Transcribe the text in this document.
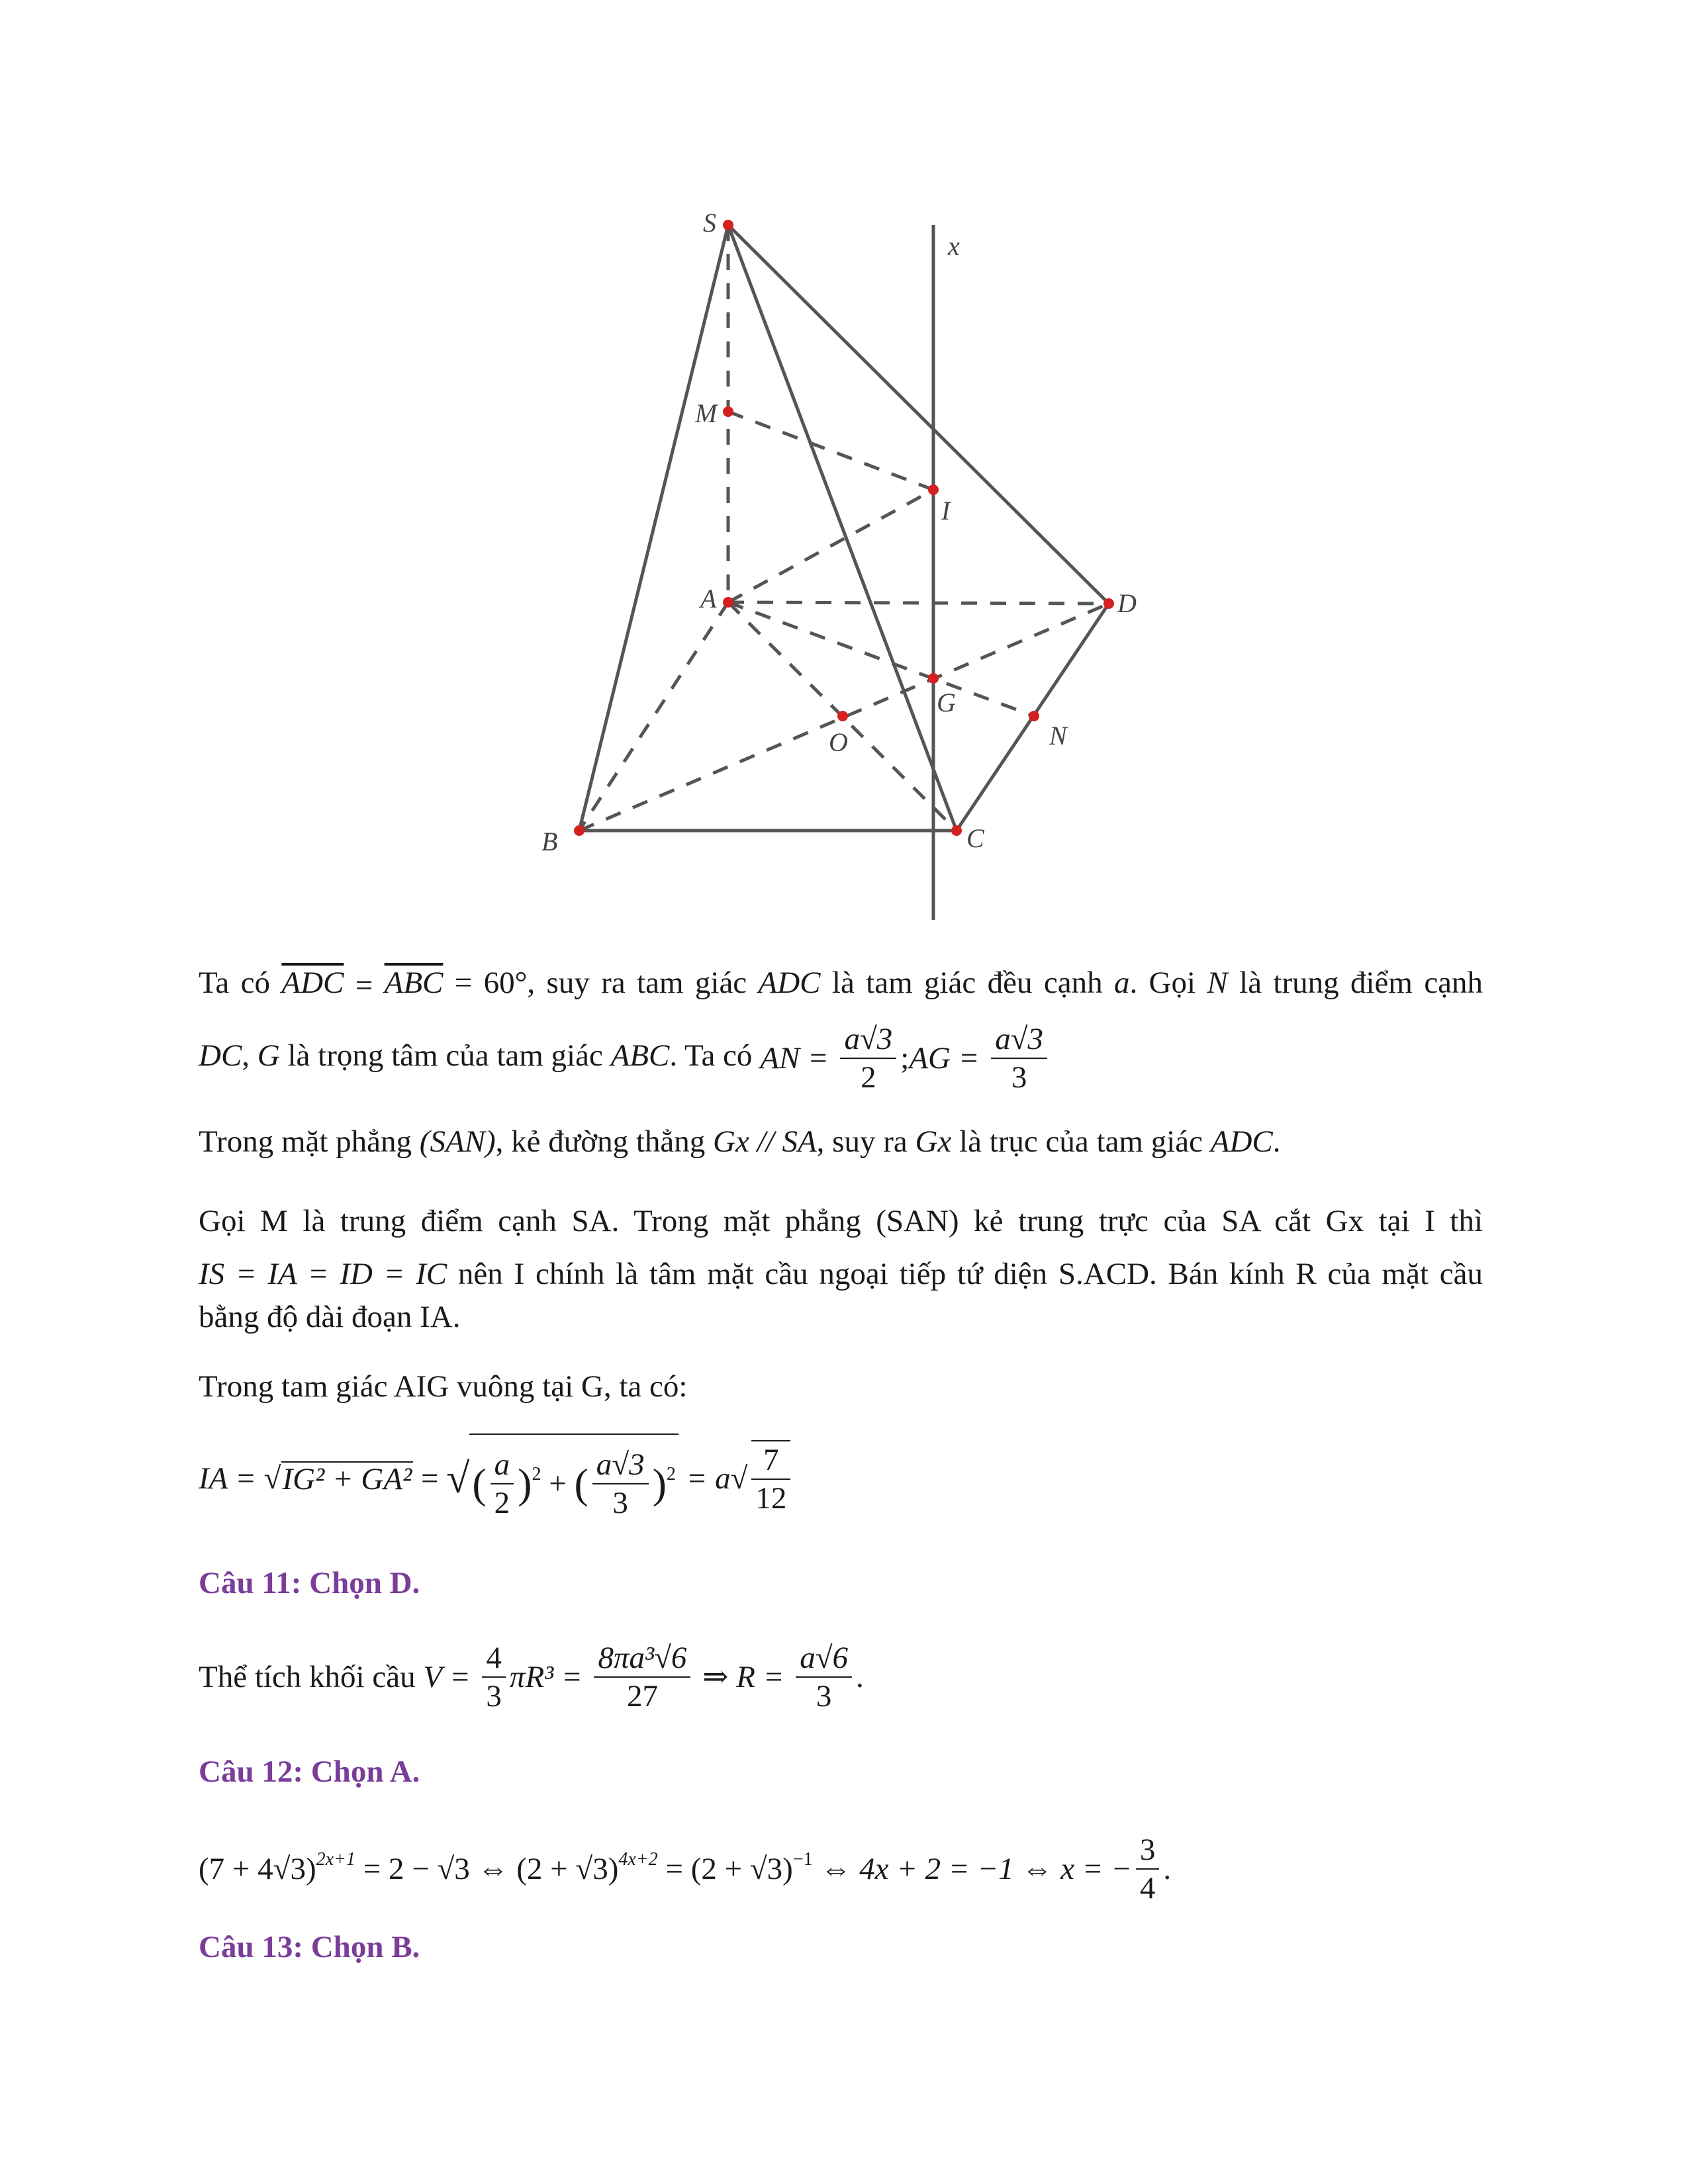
S
M
I
A	D
G
O	N
B	C
x
Ta có $\overline{ADC} = \overline{ABC} = 60^\circ$, suy ra tam giác ADC là tam giác đều cạnh a. Gọi N là trung điểm cạnh
DC, G là trọng tâm của tam giác ABC. Ta có AN = $\frac{a√3}{2}$ ;AG = $\frac{a√3}{3}$
Trong mặt phẳng (SAN), kẻ đường thẳng Gx // SA, suy ra Gx là trục của tam giác ADC.
Gọi M là trung điểm cạnh SA. Trong mặt phẳng (SAN) kẻ trung trực của SA cắt Gx tại I thì
IS = IA = ID = IC nên I chính là tâm mặt cầu ngoại tiếp tứ diện S.ACD. Bán kính R của mặt cầu
bằng độ dài đoạn IA.
Trong tam giác AIG vuông tại G, ta có:
IA = √IG² + GA² = √( $\frac{a}{2} )^2$ + ( $\frac{a√3}{3} )^2 = a√ \frac{7}{12}$
Câu 11: Chọn D.
Thể tích khối cầu $V = \frac{4}{3} \pi R^3 = \frac{\text{8πa³√6}}{27}$ ⇒ $R = \frac{a√6}{3}$ .
Câu 12: Chọn A.
$(7 + 4√3)^{2x+1} = 2 - √3$ ⇔ $(2 + √3)^{4x+2} = (2 + √3)^{-1}$ ⇔ 4x + 2 = −1 ⇔ x = − $\frac{3}{4}$ .
Câu 13: Chọn B.
